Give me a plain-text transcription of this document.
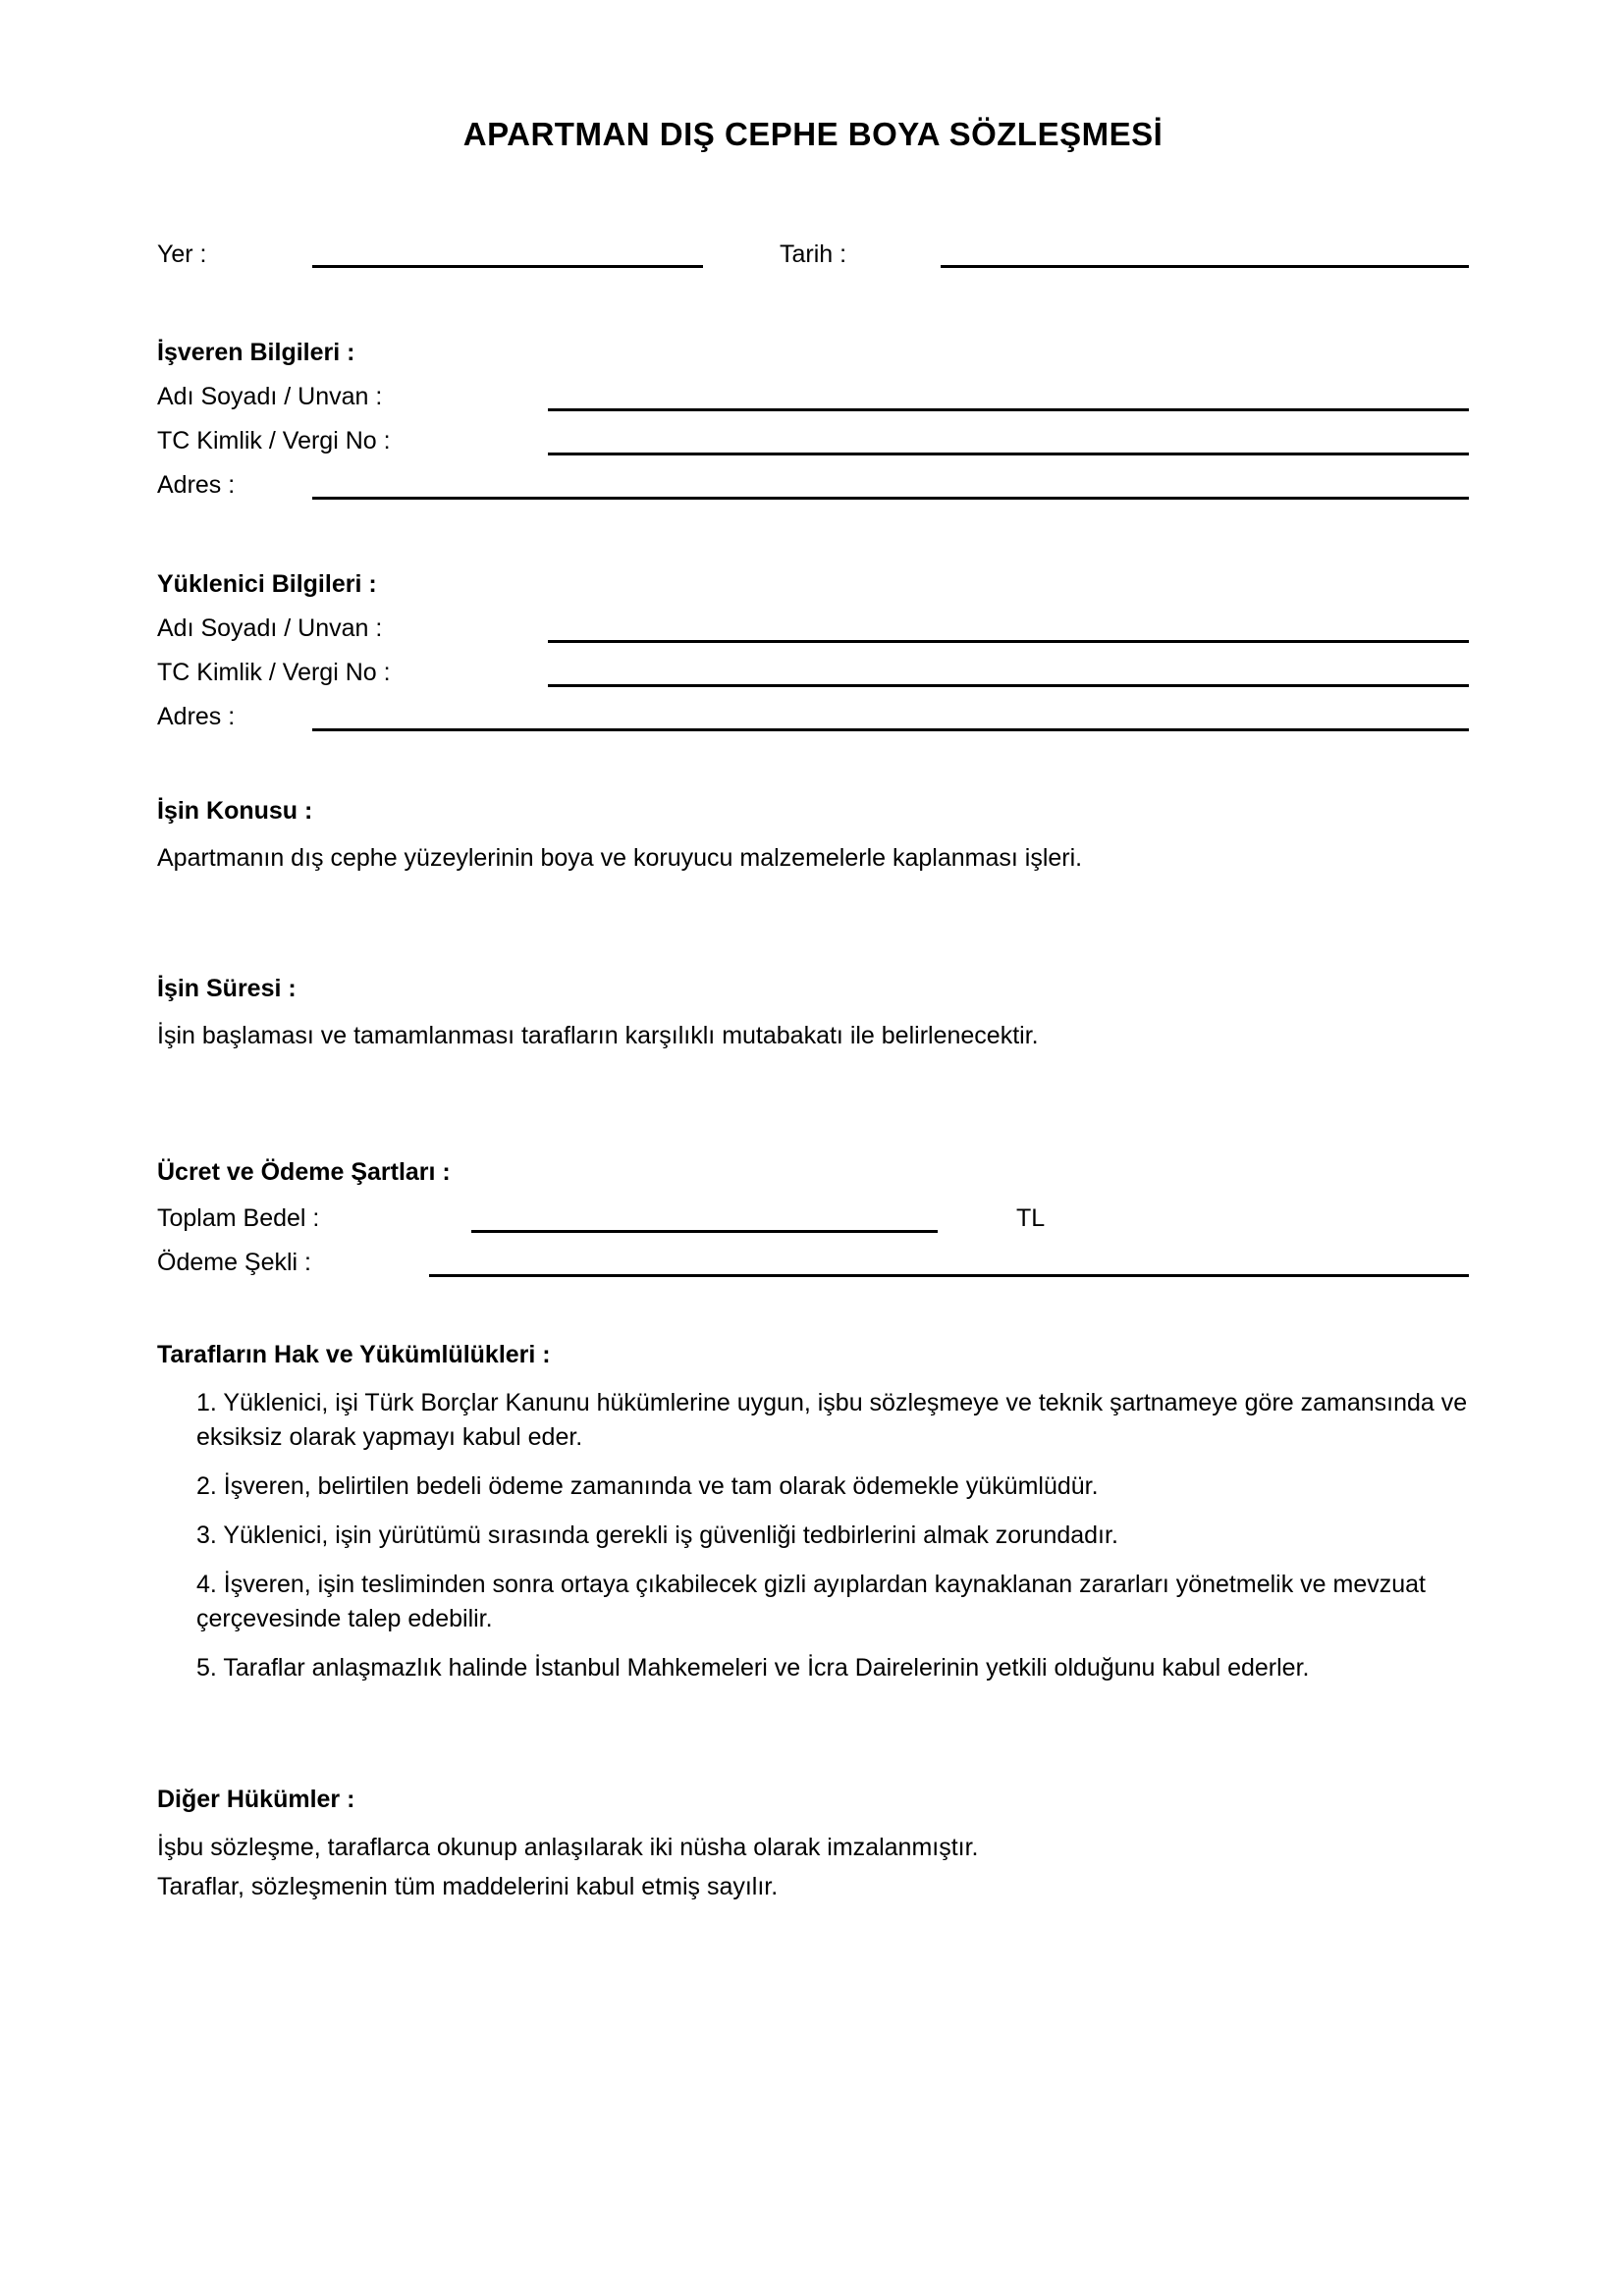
APARTMAN DIŞ CEPHE BOYA SÖZLEŞMESİ
Yer :	Tarih :
İşveren Bilgileri :
Adı Soyadı / Unvan :
TC Kimlik / Vergi No :
Adres :
Yüklenici Bilgileri :
Adı Soyadı / Unvan :
TC Kimlik / Vergi No :
Adres :
İşin Konusu :

Apartmanın dış cephe yüzeylerinin boya ve koruyucu malzemelerle kaplanması işleri.

İşin Süresi :

İşin başlaması ve tamamlanması tarafların karşılıklı mutabakatı ile belirlenecektir.

Ücret ve Ödeme Şartları :
Toplam Bedel :	TL
Ödeme Şekli :
Tarafların Hak ve Yükümlülükleri :

1. Yüklenici, işi Türk Borçlar Kanunu hükümlerine uygun, işbu sözleşmeye ve teknik şartnameye göre zamansında ve eksiksiz olarak yapmayı kabul eder.

2. İşveren, belirtilen bedeli ödeme zamanında ve tam olarak ödemekle yükümlüdür.

3. Yüklenici, işin yürütümü sırasında gerekli iş güvenliği tedbirlerini almak zorundadır.

4. İşveren, işin tesliminden sonra ortaya çıkabilecek gizli ayıplardan kaynaklanan zararları yönetmelik ve mevzuat çerçevesinde talep edebilir.

5. Taraflar anlaşmazlık halinde İstanbul Mahkemeleri ve İcra Dairelerinin yetkili olduğunu kabul ederler.

Diğer Hükümler :

İşbu sözleşme, taraflarca okunup anlaşılarak iki nüsha olarak imzalanmıştır.

Taraflar, sözleşmenin tüm maddelerini kabul etmiş sayılır.
